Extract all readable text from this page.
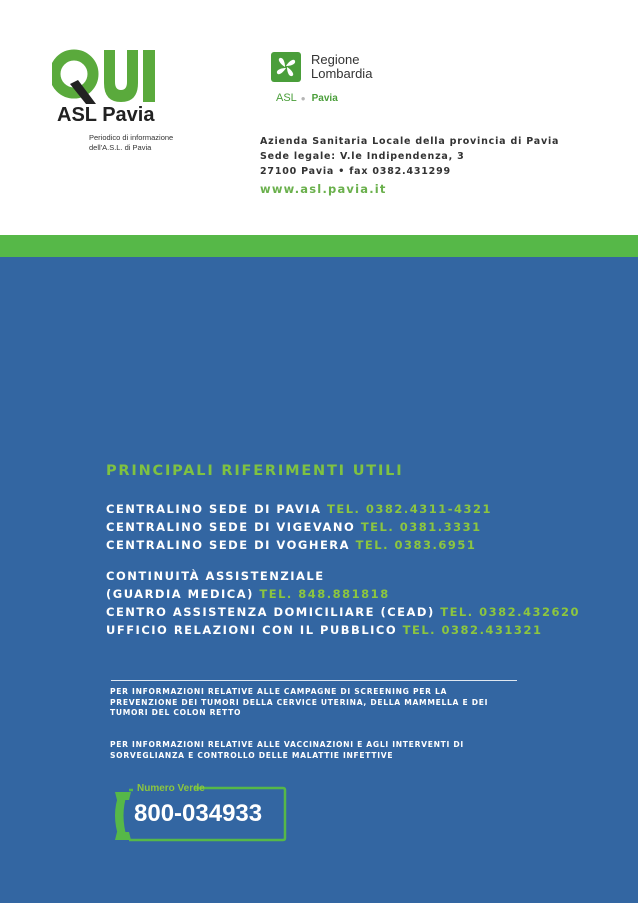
QUI
ASL Pavia
Periodico di informazione
dell'A.S.L. di Pavia
Regione
Lombardia
ASL ● Pavia
Azienda Sanitaria Locale della provincia di Pavia
Sede legale: V.le Indipendenza, 3
27100 Pavia • fax 0382.431299
www.asl.pavia.it
PRINCIPALI RIFERIMENTI UTILI
CENTRALINO SEDE DI PAVIA TEL. 0382.4311-4321
CENTRALINO SEDE DI VIGEVANO TEL. 0381.3331
CENTRALINO SEDE DI VOGHERA TEL. 0383.6951
CONTINUITÀ ASSISTENZIALE
(GUARDIA MEDICA) TEL. 848.881818
CENTRO ASSISTENZA DOMICILIARE (CEAD) TEL. 0382.432620
UFFICIO RELAZIONI CON IL PUBBLICO TEL. 0382.431321
PER INFORMAZIONI RELATIVE ALLE CAMPAGNE DI SCREENING PER LA
PREVENZIONE DEI TUMORI DELLA CERVICE UTERINA, DELLA MAMMELLA E DEI
TUMORI DEL COLON RETTO
PER INFORMAZIONI RELATIVE ALLE VACCINAZIONI E AGLI INTERVENTI DI
SORVEGLIANZA E CONTROLLO DELLE MALATTIE INFETTIVE
Numero Verde
800-034933
